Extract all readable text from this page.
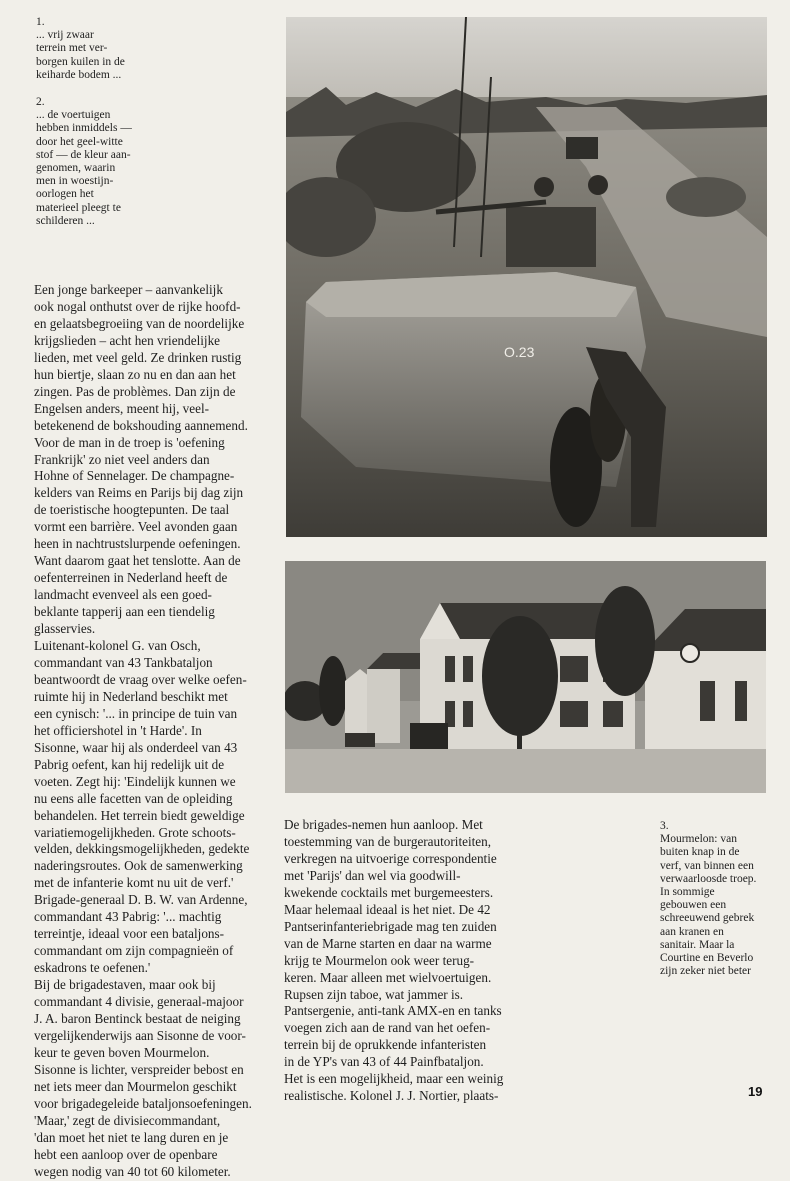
1.
... vrij zwaar
terrein met ver-
borgen kuilen in de
keiharde bodem ...
2.
... de voertuigen
hebben inmiddels —
door het geel-witte
stof — de kleur aan-
genomen, waarin
men in woestijn-
oorlogen het
materieel pleegt te
schilderen ...
O.23
Een jonge barkeeper – aanvankelijk
ook nogal onthutst over de rijke hoofd-
en gelaatsbegroeiing van de noordelijke
krijgslieden – acht hen vriendelijke
lieden, met veel geld. Ze drinken rustig
hun biertje, slaan zo nu en dan aan het
zingen. Pas de problèmes. Dan zijn de
Engelsen anders, meent hij, veel-
betekenend de bokshouding aannemend.
Voor de man in de troep is 'oefening
Frankrijk' zo niet veel anders dan
Hohne of Sennelager. De champagne-
kelders van Reims en Parijs bij dag zijn
de toeristische hoogtepunten. De taal
vormt een barrière. Veel avonden gaan
heen in nachtrustslurpende oefeningen.
Want daarom gaat het tenslotte. Aan de
oefenterreinen in Nederland heeft de
landmacht evenveel als een goed-
beklante tapperij aan een tiendelig
glasservies.
Luitenant-kolonel G. van Osch,
commandant van 43 Tankbataljon
beantwoordt de vraag over welke oefen-
ruimte hij in Nederland beschikt met
een cynisch: '... in principe de tuin van
het officiershotel in 't Harde'. In
Sisonne, waar hij als onderdeel van 43
Pabrig oefent, kan hij redelijk uit de
voeten. Zegt hij: 'Eindelijk kunnen we
nu eens alle facetten van de opleiding
behandelen. Het terrein biedt geweldige
variatiemogelijkheden. Grote schoots-
velden, dekkingsmogelijkheden, gedekte
naderingsroutes. Ook de samenwerking
met de infanterie komt nu uit de verf.'
Brigade-generaal D. B. W. van Ardenne,
commandant 43 Pabrig: '... machtig
terreintje, ideaal voor een bataljons-
commandant om zijn compagnieën of
eskadrons te oefenen.'
Bij de brigadestaven, maar ook bij
commandant 4 divisie, generaal-majoor
J. A. baron Bentinck bestaat de neiging
vergelijkenderwijs aan Sisonne de voor-
keur te geven boven Mourmelon.
Sisonne is lichter, verspreider bebost en
net iets meer dan Mourmelon geschikt
voor brigadegeleide bataljonsoefeningen.
'Maar,' zegt de divisiecommandant,
'dan moet het niet te lang duren en je
hebt een aanloop over de openbare
wegen nodig van 40 tot 60 kilometer.
De brigades-nemen hun aanloop. Met
toestemming van de burgerautoriteiten,
verkregen na uitvoerige correspondentie
met 'Parijs' dan wel via goodwill-
kwekende cocktails met burgemeesters.
Maar helemaal ideaal is het niet. De 42
Pantserinfanteriebrigade mag ten zuiden
van de Marne starten en daar na warme
krijg te Mourmelon ook weer terug-
keren. Maar alleen met wielvoertuigen.
Rupsen zijn taboe, wat jammer is.
Pantsergenie, anti-tank AMX-en en tanks
voegen zich aan de rand van het oefen-
terrein bij de oprukkende infanteristen
in de YP's van 43 of 44 Painfbataljon.
Het is een mogelijkheid, maar een weinig
realistische. Kolonel J. J. Nortier, plaats-
3.
Mourmelon: van
buiten knap in de
verf, van binnen een
verwaarloosde troep.
In sommige
gebouwen een
schreeuwend gebrek
aan kranen en
sanitair. Maar la
Courtine en Beverlo
zijn zeker niet beter
19
